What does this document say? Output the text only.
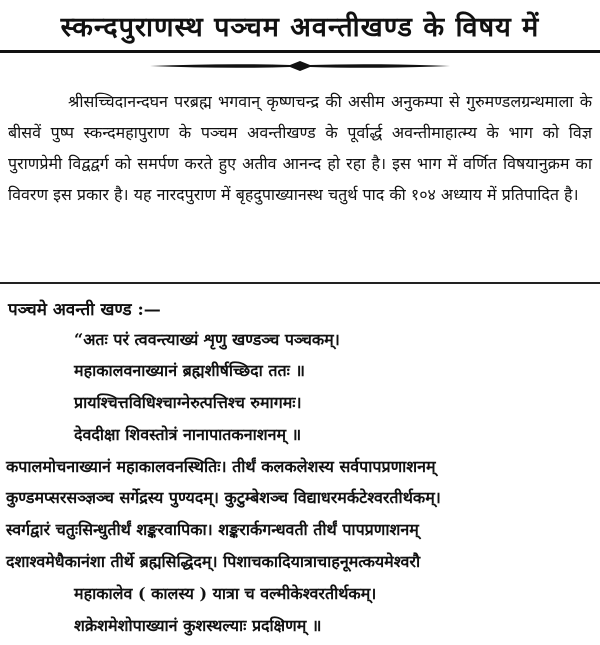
स्कन्दपुराणस्थ पञ्चम अवन्तीखण्ड के विषय में
श्रीसच्चिदानन्दघन परब्रह्म भगवान् कृष्णचन्द्र की असीम अनुकम्पा से गुरुमण्डलग्रन्थमाला के बीसवें पुष्प स्कन्दमहापुराण के पञ्चम अवन्तीखण्ड के पूर्वार्द्ध अवन्तीमाहात्म्य के भाग को विज्ञ पुराणप्रेमी विद्वद्वर्ग को समर्पण करते हुए अतीव आनन्द हो रहा है। इस भाग में वर्णित विषयानुक्रम का विवरण इस प्रकार है। यह नारदपुराण में बृहदुपाख्यानस्थ चतुर्थ पाद की १०४ अध्याय में प्रतिपादित है।
पञ्चमे अवन्ती खण्ड :—
“अतः परं त्ववन्त्याख्यं शृणु खण्डञ्च पञ्चकम्।
महाकालवनाख्यानं ब्रह्मशीर्षच्छिदा ततः ॥
प्रायश्चित्तविधिश्चाग्नेरुत्पत्तिश्च रुमागमः।
देवदीक्षा शिवस्तोत्रं नानापातकनाशनम् ॥
कपालमोचनाख्यानं महाकालवनस्थितिः। तीर्थं कलकलेशस्य सर्वपापप्रणाशनम्
कुण्डमप्सरसञ्ज्ञञ्च सर्गेद्रस्य पुण्यदम्। कुटुम्बेशञ्च विद्याधरमर्कटेश्वरतीर्थकम्।
स्वर्गद्वारं चतुःसिन्धुतीर्थं शङ्करवापिका। शङ्करार्कगन्धवती तीर्थं पापप्रणाशनम्
दशाश्वमेधैकानंशा तीर्थे ब्रह्मसिद्धिदम्। पिशाचकादियात्राचाहनूमत्कयमेश्वरौ
महाकालेव ( कालस्य ) यात्रा च वल्मीकेश्वरतीर्थकम्।
शक्रेशमेशोपाख्यानं कुशस्थल्याः प्रदक्षिणम् ॥
